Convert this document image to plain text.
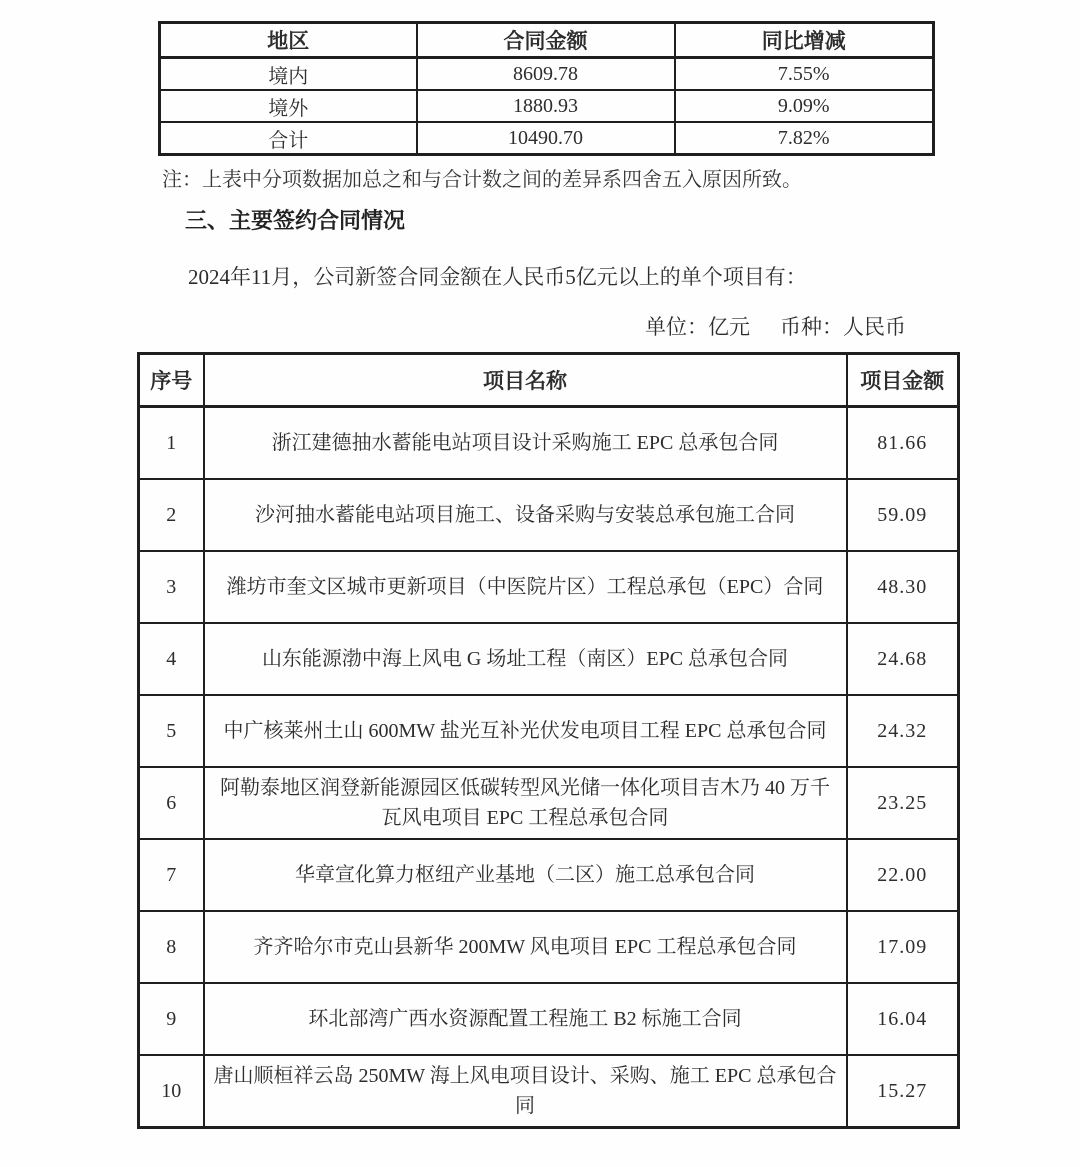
地区	合同金额	同比增减
境内	8609.78	7.55%
境外	1880.93	9.09%
合计	10490.70	7.82%
注：上表中分项数据加总之和与合计数之间的差异系四舍五入原因所致。
三、主要签约合同情况

2024年11月，公司新签合同金额在人民币5亿元以上的单个项目有：

单位：亿元 币种：人民币
序号	项目名称	项目金额
1	浙江建德抽水蓄能电站项目设计采购施工 EPC 总承包合同	81.66
2	沙河抽水蓄能电站项目施工、设备采购与安装总承包施工合同	59.09
3	潍坊市奎文区城市更新项目（中医院片区）工程总承包（EPC）合同	48.30
4	山东能源渤中海上风电 G 场址工程（南区）EPC 总承包合同	24.68
5	中广核莱州土山 600MW 盐光互补光伏发电项目工程 EPC 总承包合同	24.32
6	阿勒泰地区润登新能源园区低碳转型风光储一体化项目吉木乃 40 万千瓦风电项目 EPC 工程总承包合同	23.25
7	华章宣化算力枢纽产业基地（二区）施工总承包合同	22.00
8	齐齐哈尔市克山县新华 200MW 风电项目 EPC 工程总承包合同	17.09
9	环北部湾广西水资源配置工程施工 B2 标施工合同	16.04
10	唐山顺桓祥云岛 250MW 海上风电项目设计、采购、施工 EPC 总承包合同	15.27
